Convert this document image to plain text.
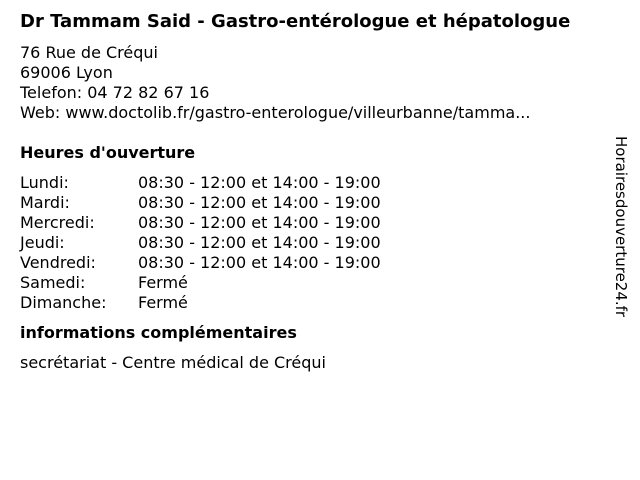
Dr Tammam Said - Gastro-entérologue et hépatologue
76 Rue de Créqui
69006 Lyon
Telefon: 04 72 82 67 16
Web: www.doctolib.fr/gastro-enterologue/villeurbanne/tamma...
Heures d'ouverture
Lundi:	08:30 - 12:00 et 14:00 - 19:00
Mardi:	08:30 - 12:00 et 14:00 - 19:00
Mercredi:	08:30 - 12:00 et 14:00 - 19:00
Jeudi:	08:30 - 12:00 et 14:00 - 19:00
Vendredi:	08:30 - 12:00 et 14:00 - 19:00
Samedi:	Fermé
Dimanche:	Fermé
informations complémentaires
secrétariat - Centre médical de Créqui
Horairesdouverture24.fr
